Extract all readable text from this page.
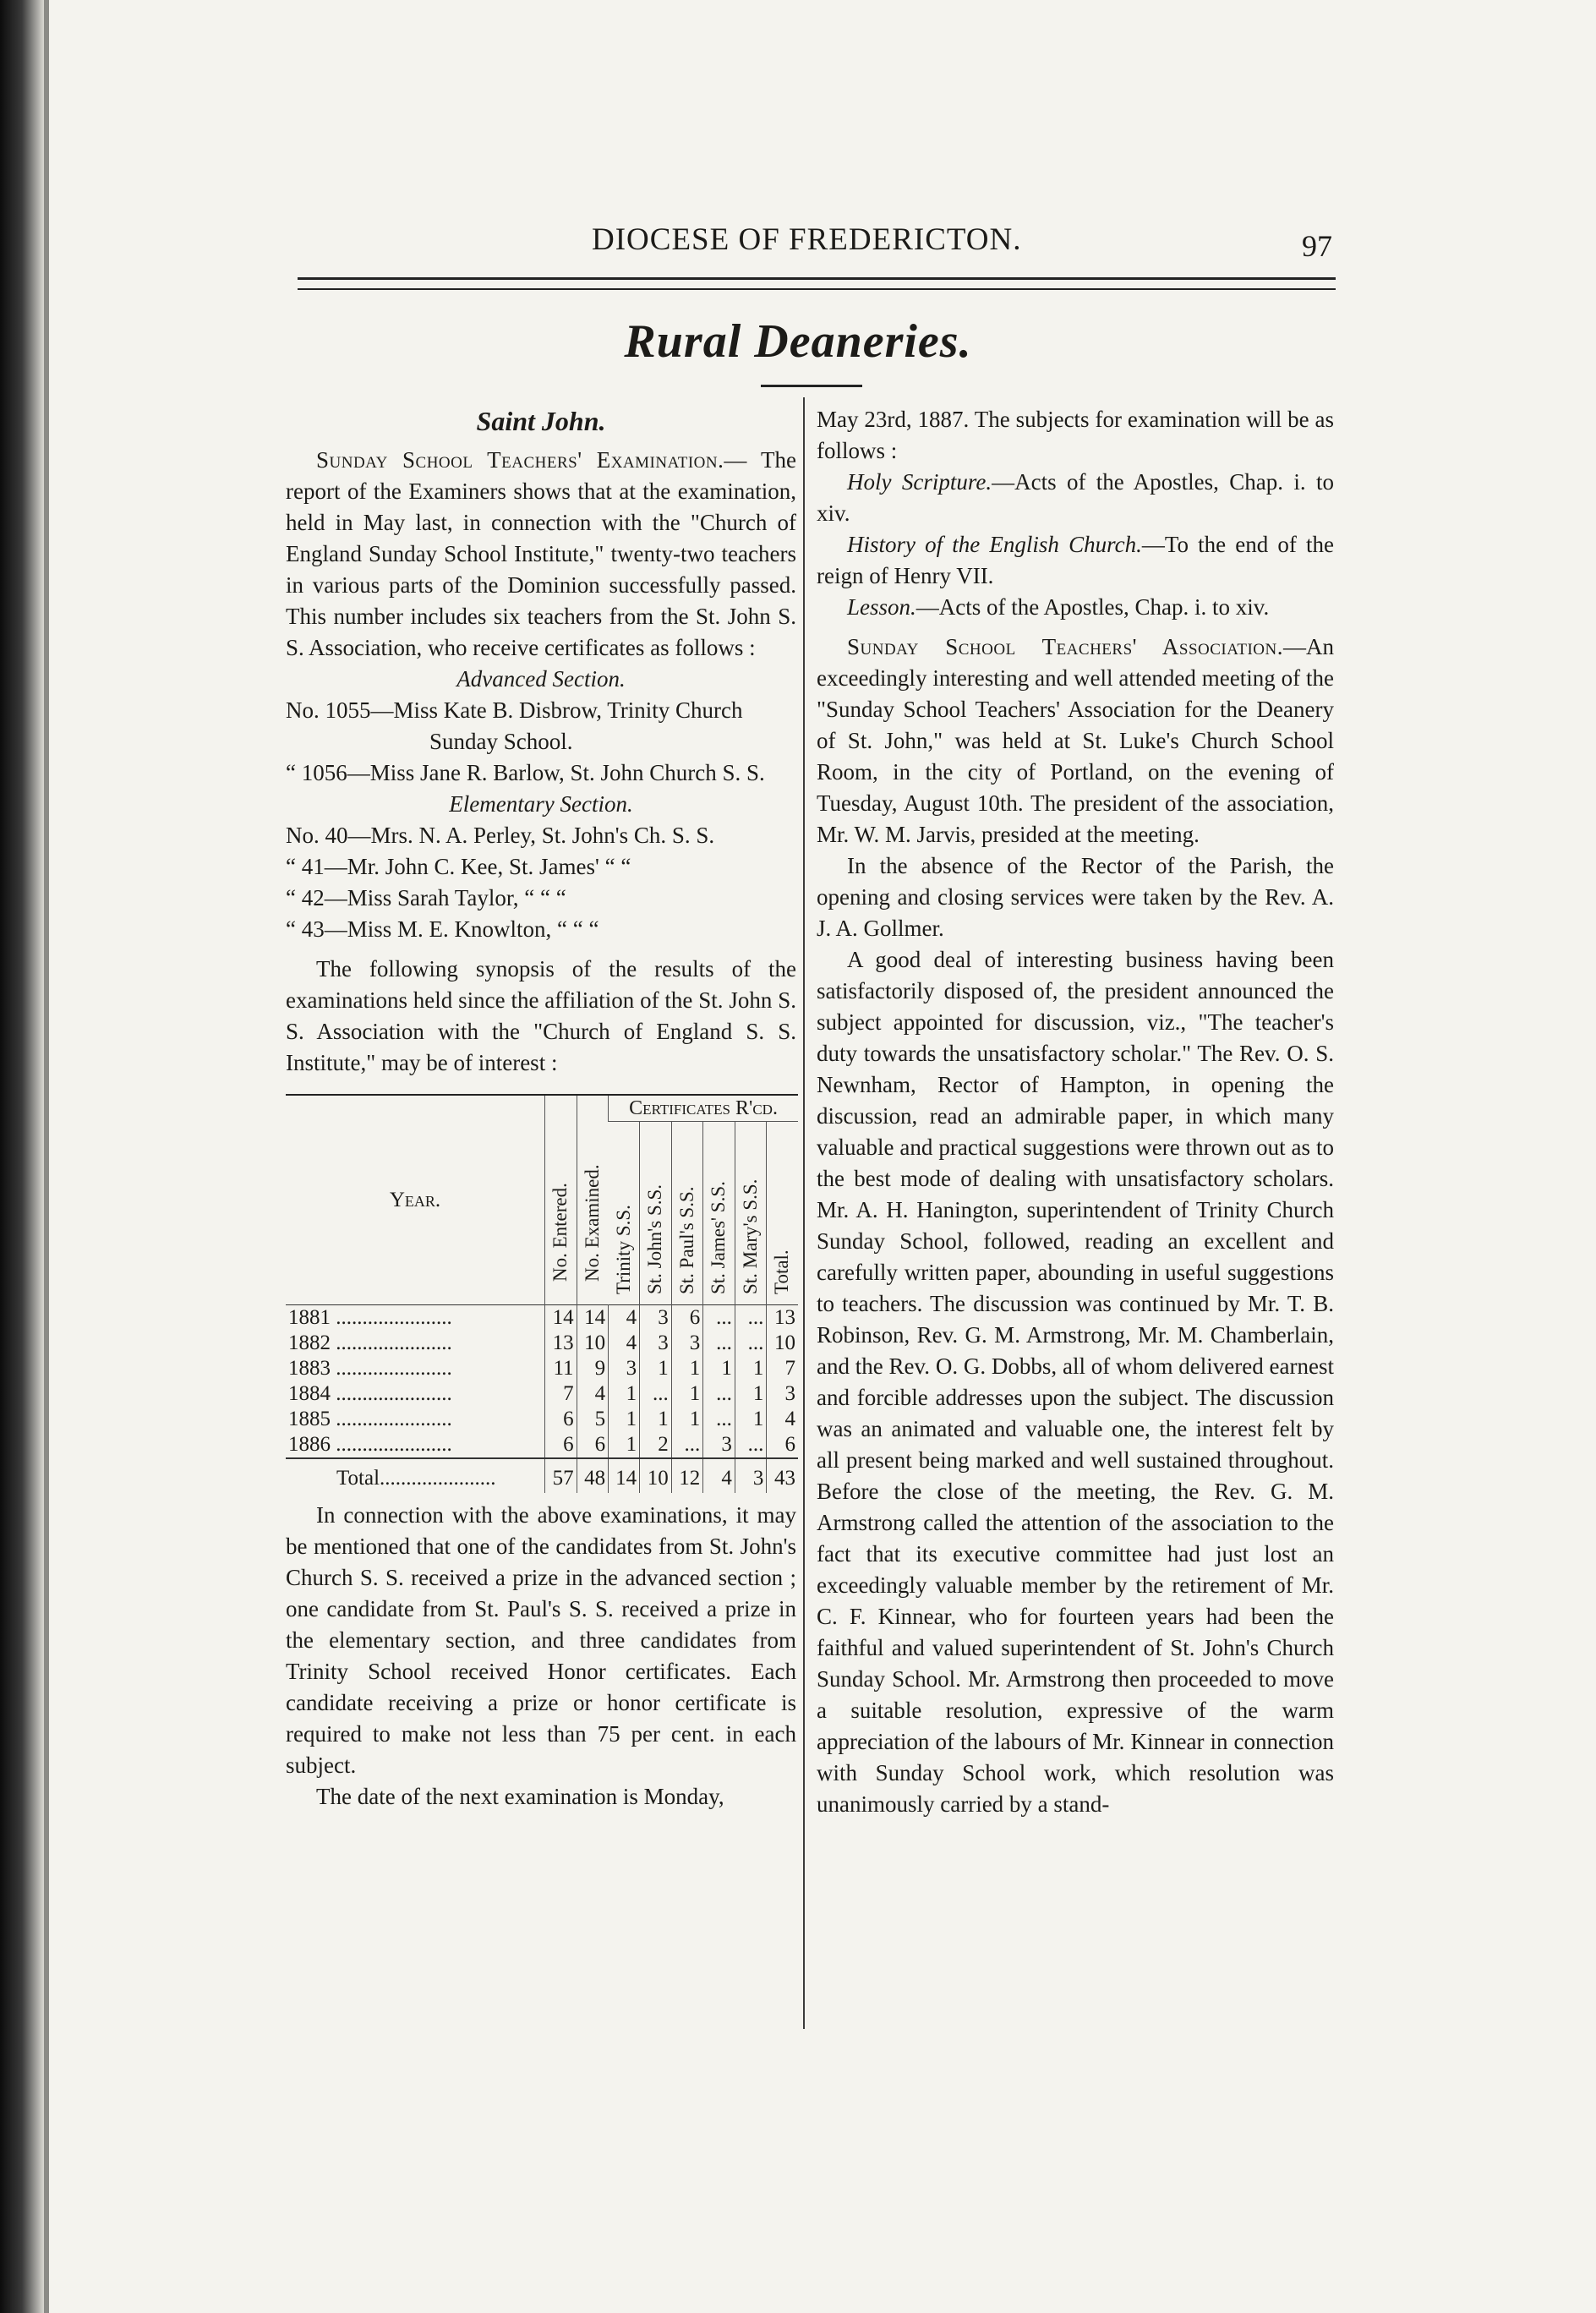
DIOCESE OF FREDERICTON.	97
Rural Deaneries.
Saint John.

Sunday School Teachers' Examination.— The report of the Examiners shows that at the examination, held in May last, in connection with the "Church of England Sunday School Institute," twenty-two teachers in various parts of the Dominion successfully passed. This number includes six teachers from the St. John S. S. Association, who receive certificates as follows :

Advanced Section.

No. 1055—Miss Kate B. Disbrow, Trinity Church Sunday School.

“ 1056—Miss Jane R. Barlow, St. John Church S. S.

Elementary Section.

No. 40—Mrs. N. A. Perley, St. John's Ch. S. S.

“ 41—Mr. John C. Kee, St. James' “ “

“ 42—Miss Sarah Taylor, “ “ “

“ 43—Miss M. E. Knowlton, “ “ “

The following synopsis of the results of the examinations held since the affiliation of the St. John S. S. Association with the "Church of England S. S. Institute," may be of interest :

Year.	No. Entered.	No. Examined.	Certificates R'cd.					
			Trinity S.S.	St. John's S.S.	St. Paul's S.S.	St. James' S.S.	St. Mary's S.S.	Total.
1881 ......................	14	14	4	3	6	...	...	13
1882 ......................	13	10	4	3	3	...	...	10
1883 ......................	11	9	3	1	1	1	1	7
1884 ......................	7	4	1	...	1	...	1	3
1885 ......................	6	5	1	1	1	...	1	4
1886 ......................	6	6	1	2	...	3	...	6
Total......................	57	48	14	10	12	4	3	43

In connection with the above examinations, it may be mentioned that one of the candidates from St. John's Church S. S. received a prize in the advanced section ; one candidate from St. Paul's S. S. received a prize in the elementary section, and three candidates from Trinity School received Honor certificates. Each candidate receiving a prize or honor certificate is required to make not less than 75 per cent. in each subject.

The date of the next examination is Monday,

May 23rd, 1887. The subjects for examination will be as follows :

Holy Scripture.—Acts of the Apostles, Chap. i. to xiv.

History of the English Church.—To the end of the reign of Henry VII.

Lesson.—Acts of the Apostles, Chap. i. to xiv.

Sunday School Teachers' Association.—An exceedingly interesting and well attended meeting of the "Sunday School Teachers' Association for the Deanery of St. John," was held at St. Luke's Church School Room, in the city of Portland, on the evening of Tuesday, August 10th. The president of the association, Mr. W. M. Jarvis, presided at the meeting.

In the absence of the Rector of the Parish, the opening and closing services were taken by the Rev. A. J. A. Gollmer.

A good deal of interesting business having been satisfactorily disposed of, the president announced the subject appointed for discussion, viz., "The teacher's duty towards the unsatisfactory scholar." The Rev. O. S. Newnham, Rector of Hampton, in opening the discussion, read an admirable paper, in which many valuable and practical suggestions were thrown out as to the best mode of dealing with unsatisfactory scholars. Mr. A. H. Hanington, superintendent of Trinity Church Sunday School, followed, reading an excellent and carefully written paper, abounding in useful suggestions to teachers. The discussion was continued by Mr. T. B. Robinson, Rev. G. M. Armstrong, Mr. M. Chamberlain, and the Rev. O. G. Dobbs, all of whom delivered earnest and forcible addresses upon the subject. The discussion was an animated and valuable one, the interest felt by all present being marked and well sustained throughout. Before the close of the meeting, the Rev. G. M. Armstrong called the attention of the association to the fact that its executive committee had just lost an exceedingly valuable member by the retirement of Mr. C. F. Kinnear, who for fourteen years had been the faithful and valued superintendent of St. John's Church Sunday School. Mr. Armstrong then proceeded to move a suitable resolution, expressive of the warm appreciation of the labours of Mr. Kinnear in connection with Sunday School work, which resolution was unanimously carried by a stand-
